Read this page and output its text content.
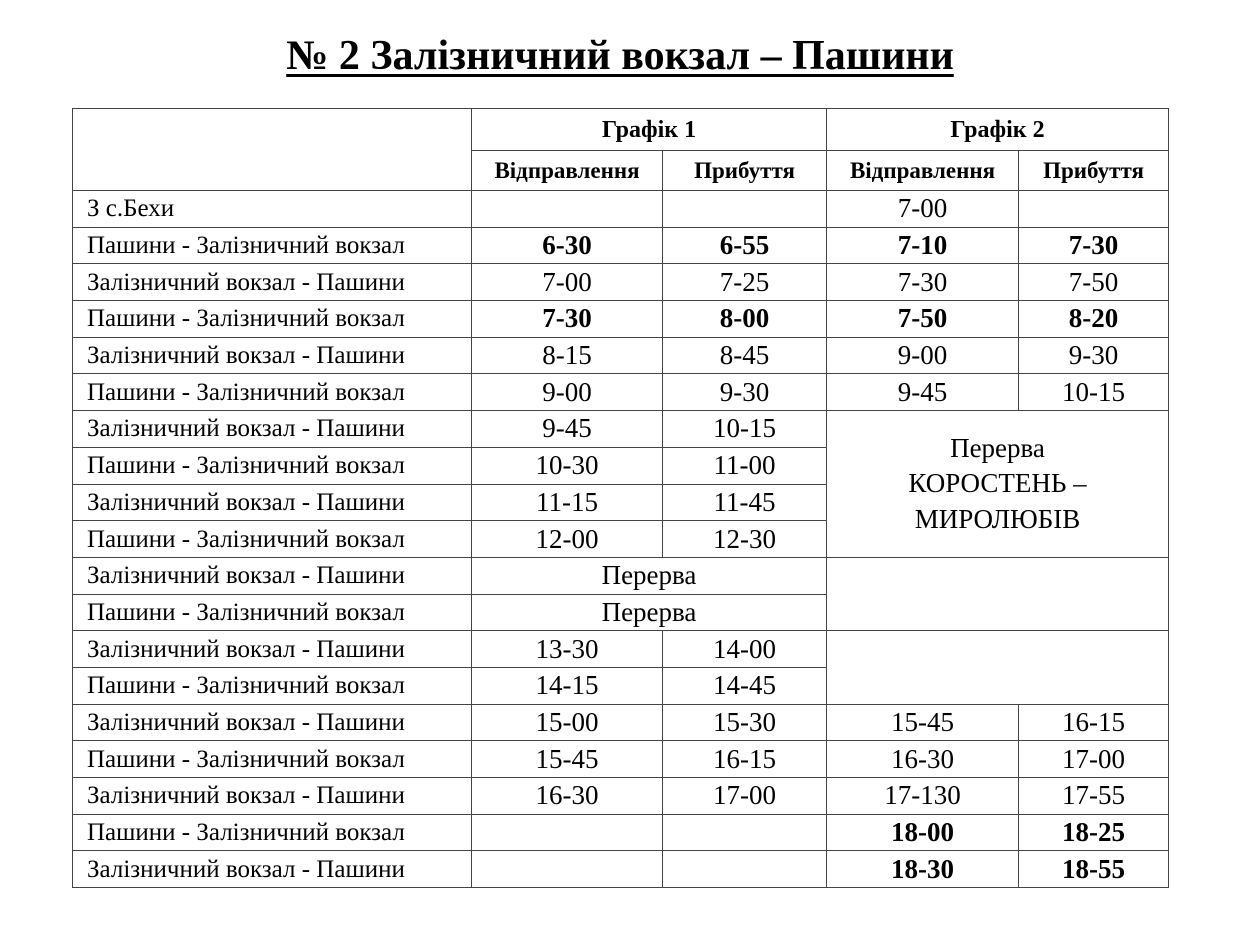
№ 2 Залізничний вокзал – Пашини
	Графік 1		Графік 2	
	Відправлення	Прибуття	Відправлення	Прибуття
З с.Бехи			7-00	
Пашини - Залізничний вокзал	6-30	6-55	7-10	7-30
Залізничний вокзал - Пашини	7-00	7-25	7-30	7-50
Пашини - Залізничний вокзал	7-30	8-00	7-50	8-20
Залізничний вокзал - Пашини	8-15	8-45	9-00	9-30
Пашини - Залізничний вокзал	9-00	9-30	9-45	10-15
Залізничний вокзал - Пашини	9-45	10-15	Перерва
КОРОСТЕНЬ –
МИРОЛЮБІВ	

Пашини - Залізничний вокзал	10-30	11-00		
Залізничний вокзал - Пашини	11-15	11-45		
Пашини - Залізничний вокзал	12-00	12-30		
Залізничний вокзал - Пашини	Перерва			
Пашини - Залізничний вокзал	Перерва			
Залізничний вокзал - Пашини	13-30	14-00		
Пашини - Залізничний вокзал	14-15	14-45		
Залізничний вокзал - Пашини	15-00	15-30	15-45	16-15
Пашини - Залізничний вокзал	15-45	16-15	16-30	17-00
Залізничний вокзал - Пашини	16-30	17-00	17-130	17-55
Пашини - Залізничний вокзал			18-00	18-25
Залізничний вокзал - Пашини			18-30	18-55
